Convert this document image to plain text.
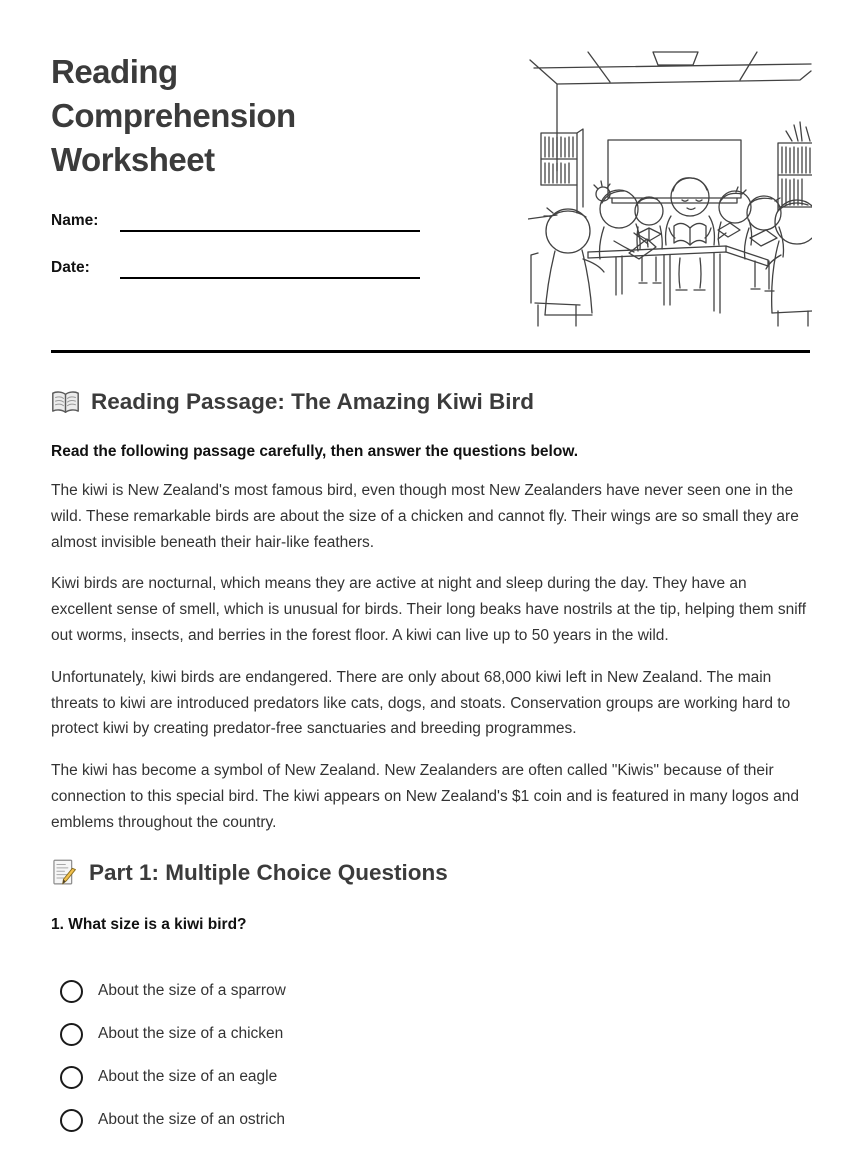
Reading Comprehension Worksheet
Name:
Date:
Reading Passage: The Amazing Kiwi Bird

Read the following passage carefully, then answer the questions below.

The kiwi is New Zealand's most famous bird, even though most New Zealanders have never seen one in the wild. These remarkable birds are about the size of a chicken and cannot fly. Their wings are so small they are almost invisible beneath their hair-like feathers.

Kiwi birds are nocturnal, which means they are active at night and sleep during the day. They have an excellent sense of smell, which is unusual for birds. Their long beaks have nostrils at the tip, helping them sniff out worms, insects, and berries in the forest floor. A kiwi can live up to 50 years in the wild.

Unfortunately, kiwi birds are endangered. There are only about 68,000 kiwi left in New Zealand. The main threats to kiwi are introduced predators like cats, dogs, and stoats. Conservation groups are working hard to protect kiwi by creating predator-free sanctuaries and breeding programmes.

The kiwi has become a symbol of New Zealand. New Zealanders are often called "Kiwis" because of their connection to this special bird. The kiwi appears on New Zealand's $1 coin and is featured in many logos and emblems throughout the country.

Part 1: Multiple Choice Questions

1. What size is a kiwi bird?

About the size of a sparrow
About the size of a chicken
About the size of an eagle
About the size of an ostrich
